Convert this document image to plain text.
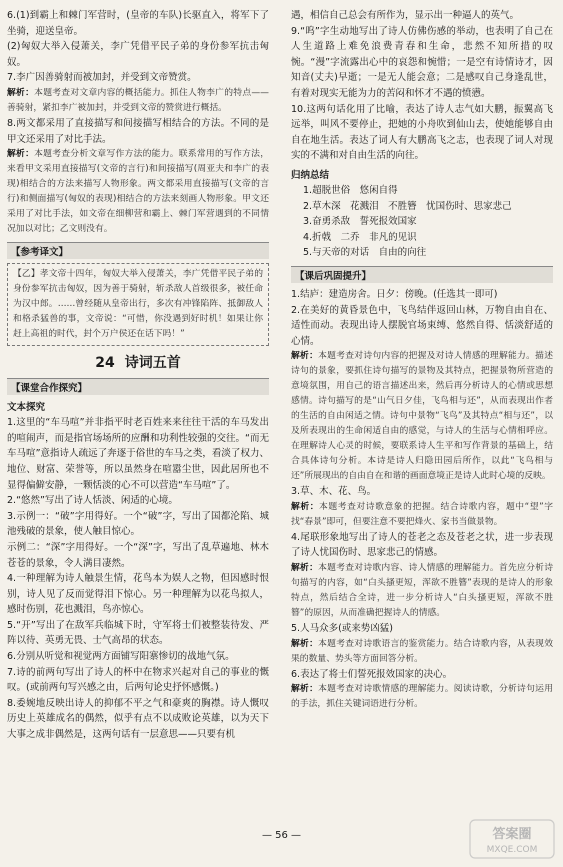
6.(1)到霸上和棘门军营时，(皇帝的车队)长驱直入，将军下了坐骑，迎送皇帝。

(2)匈奴大举入侵萧关，李广凭借平民子弟的身份参军抗击匈奴。

7.李广因善骑射而被加封，并受到文帝赞赏。

解析：本题考查对文章内容的概括能力。抓住人物李广的特点——善骑射，紧扣李广被加封，并受到文帝的赞赏进行概括。

8.两文都采用了直接描写和间接描写相结合的方法。不同的是甲文还采用了对比手法。

解析：本题考查分析文章写作方法的能力。联系常用的写作方法，来看甲文采用直接描写(文帝的言行)和间接描写(周亚夫和李广的表现)相结合的方法来描写人物形象。两文都采用直接描写(文帝的言行)和侧面描写(匈奴的表现)相结合的方法来刻画人物形象。甲文还采用了对比手法，如文帝在细柳营和霸上、棘门军营遇到的不同情况加以对比；乙文则没有。

【参考译文】

【乙】孝文帝十四年，匈奴大举入侵萧关，李广凭借平民子弟的身份参军抗击匈奴，因为善于骑射，斩杀敌人首级很多，被任命为汉中郎。……曾经随从皇帝出行，多次有冲锋陷阵、抵御敌人和格杀猛兽的事，文帝说：“可惜，你没遇到好时机！如果让你赶上高祖的时代，封个万户侯还在话下吗！”

24 诗词五首
【课堂合作探究】
文本探究

1.这里的“车马喧”并非指平时老百姓来来往往干活的车马发出的喧闹声，而是指官场场所的应酬和功利性较强的交往。“而无车马喧”意指诗人疏远了奔逐于俗世的车马之类，看淡了权力、地位、财富、荣誉等，所以虽然身在喧嚣尘世，因此居所也不显得偏僻安静，一颗恬淡的心不可以营造“车马喧”了。

2.“悠然”写出了诗人恬淡、闲适的心境。

3.示例一：“破”字用得好。一个“破”字，写出了国都沦陷、城池残破的景象，使人触目惊心。

示例二：“深”字用得好。一个“深”字，写出了乱草遍地、林木苍苍的景象，令人满目凄然。

4.一种理解为诗人触景生情，花鸟本为娱人之物，但因感时恨别，诗人见了反而觉得泪下惊心。另一种理解为以花鸟拟人，感时伤别，花也溅泪，鸟亦惊心。

5.“开”写出了在敌军兵临城下时，守军将士们被整装待发、严阵以待、英勇无畏、士气高昂的状态。

6.分别从听觉和视觉两方面铺写阳寨惨切的战地气氛。

7.诗的前两句写出了诗人的杯中在物求兴起对自己的事业的慨叹。(或前两句写兴感之由，后两句论史抒怀感慨。)

8.委婉地反映出诗人的抑郁不平之气和豪爽的胸襟。诗人慨叹历史上英雄成名的偶然，似乎有点不以成败论英雄，以为天下大事之成非偶然是，这两句话有一层意思——只要有机

遇，相信自己总会有所作为，显示出一种逼人的英气。

9.“呜”字生动地写出了诗人仿佛伤感的举动，也表明了自己在人生道路上难免浪费青春和生命，悲然不知所措的叹惋。“漫”字流露出心中的哀怨和惋惜；一是空有诗情诗才，因知音(丈夫)早逝；一是无人能会意；二是感叹自己身逢乱世，有着对现实无能为力的苦闷和怀才不遇的愤懑。

10.这两句话化用了比喻，表达了诗人志气如大鹏，振翼高飞远举，叫风不要停止，把她的小舟吹到仙山去，使她能够自由自在地生活。表达了词人有大鹏高飞之志，也表现了词人对现实的不满和对自由生活的向往。

归纳总结

1.超脱世俗　悠闲自得

2.草木深　花溅泪　不胜簪　忧国伤时、思家悲己

3.奋勇杀敌　誓死报效国家

4.折戟　二乔　非凡的见识

5.与天帝的对话　自由的向往

【课后巩固提升】

1.结庐：建造房舍。日夕：傍晚。(任选其一即可)

2.在美好的黄昏景色中，飞鸟结伴返回山林，万物自由自在、适性而动。表现出诗人摆脱官场束缚、悠然自得、恬淡舒适的心情。

解析：本题考查对诗句内容的把握及对诗人情感的理解能力。描述诗句的景象，要抓住诗句描写的景物及其特点，把握景物所营造的意境氛围，用自己的语言描述出来，然后再分析诗人的心情或思想感情。诗句描写的是“山气日夕佳，飞鸟相与还”，从而表现出作者的生活的自由闲适之情。诗句中景物“飞鸟”及其特点“相与还”，以及所表现出的生命闲适自由的感觉，与诗人的生活与心情相呼应。在理解诗人心灵的时候，要联系诗人生平和写作背景的基础上，结合具体诗句分析。本诗是诗人归隐田园后所作，以此“飞鸟相与还”所展现出的自由自在和谐的画面意境正是诗人此时心境的反映。

3.草、木、花、鸟。

解析：本题考查对诗歌意象的把握。结合诗歌内容，题中“望”字找“春景”即可，但要注意不要把烽火、家书当做景物。

4.尾联形象地写出了诗人的苍老之态及苍老之状，进一步表现了诗人忧国伤时、思家悲己的情感。

解析：本题考查对诗歌内容、诗人情感的理解能力。首先应分析诗句描写的内容，如“白头搔更短，浑欲不胜簪”表现的是诗人的形象特点，然后结合全诗，进一步分析诗人“白头搔更短，浑欲不胜簪”的原因，从而准确把握诗人的情感。

5.人马众多(或来势凶猛)

解析：本题考查对诗歌语言的鉴赏能力。结合诗歌内容，从表现效果的数量、势头等方面回答分析。

6.表达了将士们誓死报效国家的决心。

解析：本题考查对诗歌情感的理解能力。阅读诗歌，分析诗句运用的手法，抓住关键词语进行分析。

— 56 —	答案圈
MXQE.COM
